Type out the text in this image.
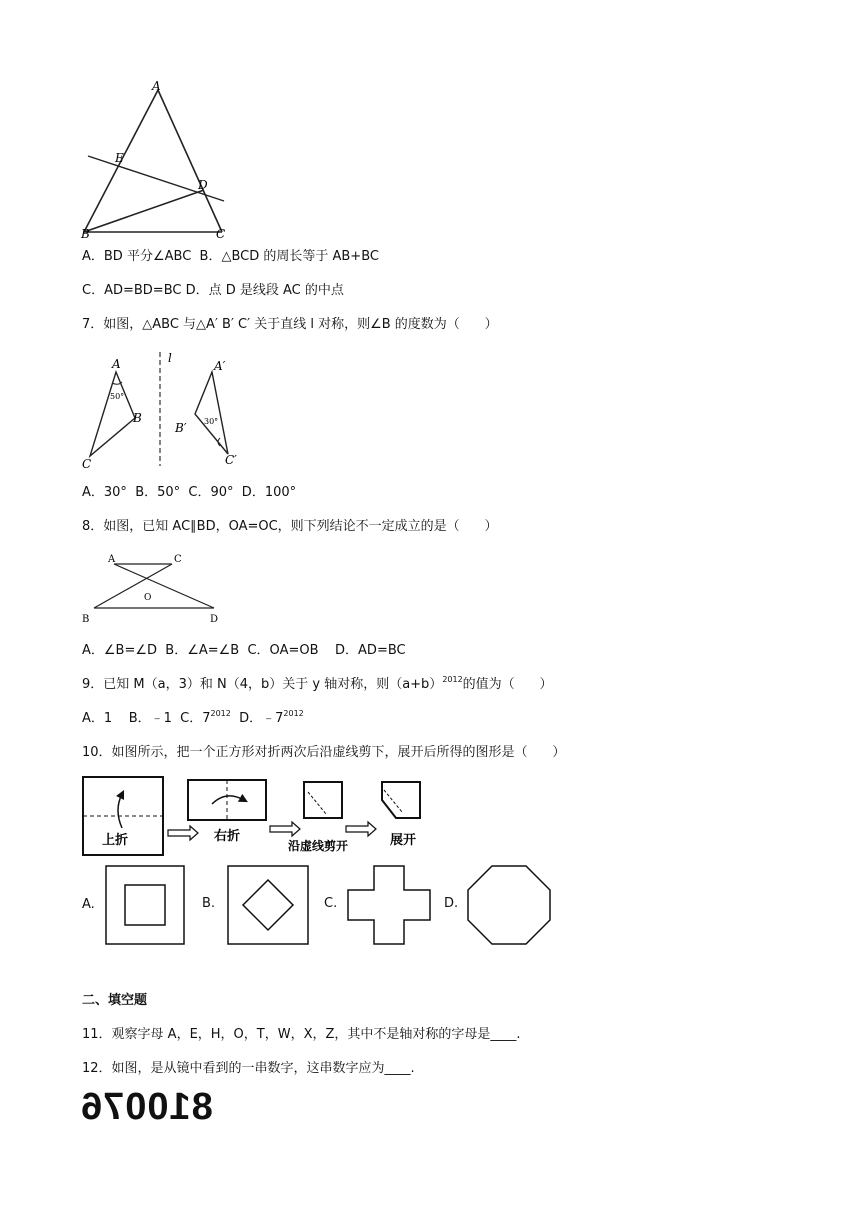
A
E
D
B	C
A．BD 平分∠ABC  B．△BCD 的周长等于 AB+BC
C．AD=BD=BC D．点 D 是线段 AC 的中点
7．如图，△ABC 与△A′ B′ C′ 关于直线 l 对称，则∠B 的度数为（      ）
50°
A
B
C
l
30°
A′
B′
C′
A．30°  B．50°  C．90°  D．100°
8．如图，已知 AC∥BD，OA=OC，则下列结论不一定成立的是（      ）
A	C
O
B	D
A．∠B=∠D  B．∠A=∠B  C．OA=OB    D．AD=BC
9．已知 M（a，3）和 N（4，b）关于 y 轴对称，则$(a+b)^{2012}$的值为（      ）
A．1    B．﹣1  C．$7^{2012}$  D．$﹣7^{2012}$
10．如图所示，把一个正方形对折两次后沿虚线剪下，展开后所得的图形是（      ）
上折	右折
沿虚线剪开	展开
A.	B.	C.	D.
二、填空题
11．观察字母 A，E，H，O，T，W，X，Z，其中不是轴对称的字母是____.
12．如图，是从镜中看到的一串数字，这串数字应为____.
810076
